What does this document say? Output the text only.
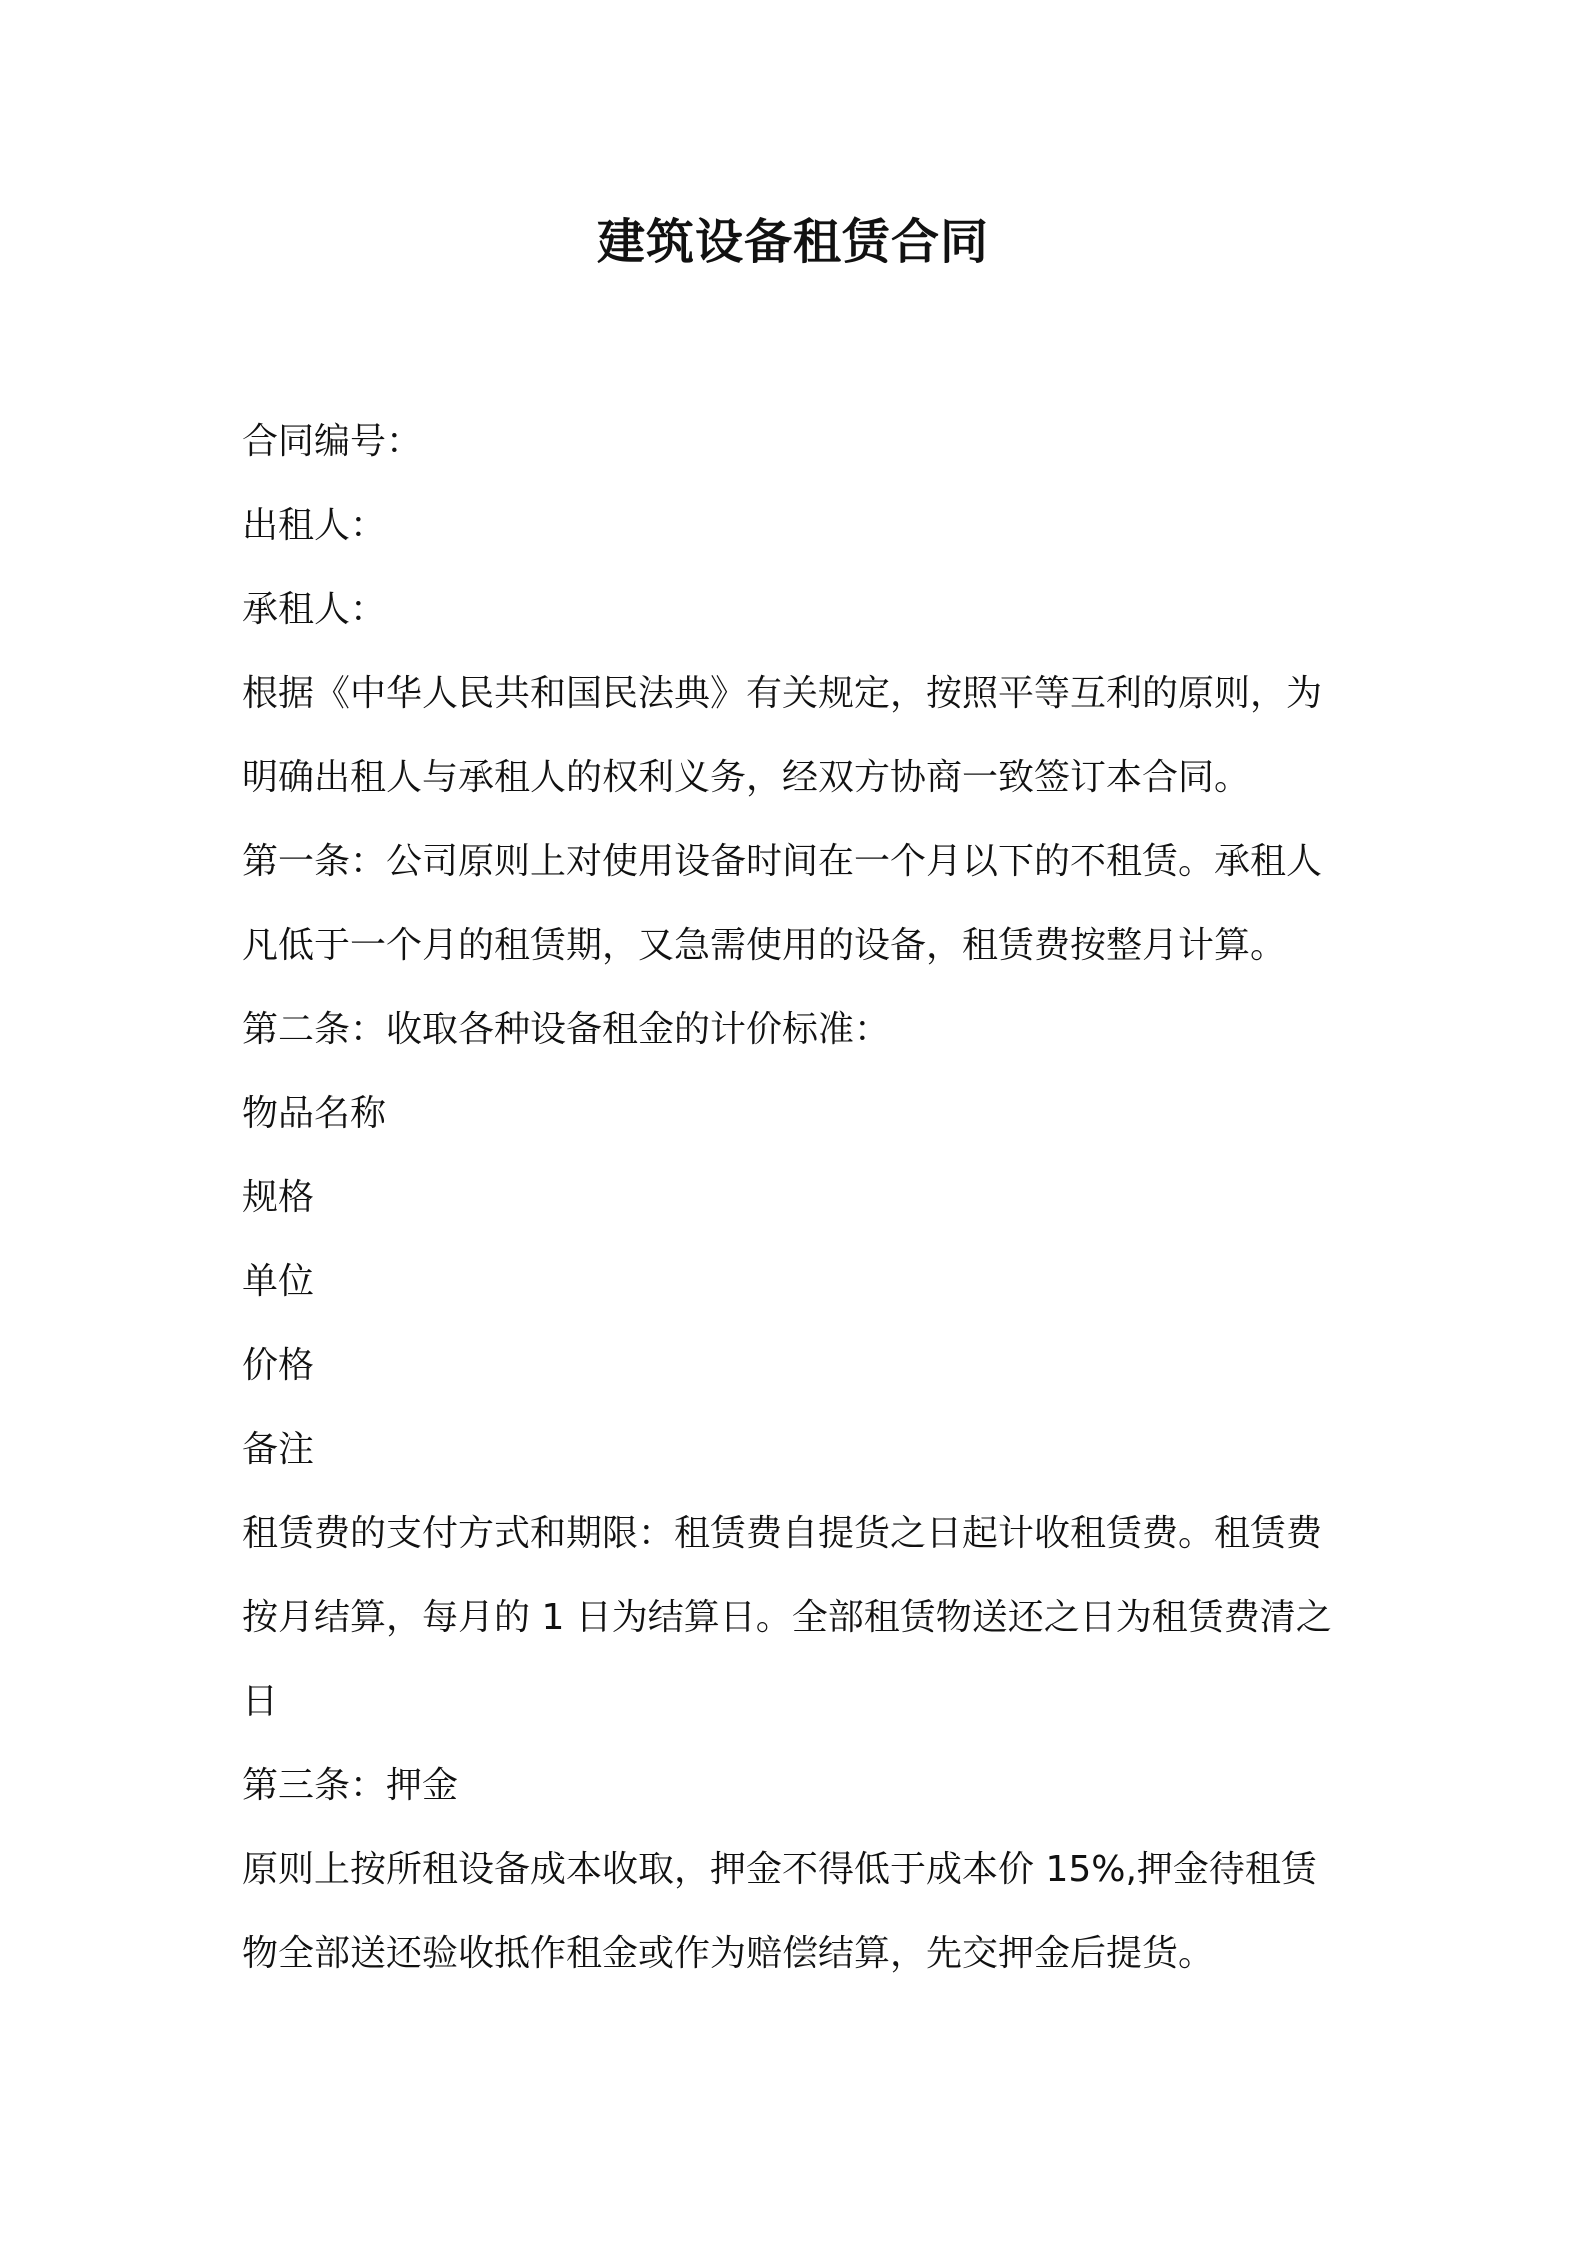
建筑设备租赁合同
合同编号：
出租人：
承租人：
根据《中华人民共和国民法典》有关规定，按照平等互利的原则，为
明确出租人与承租人的权利义务，经双方协商一致签订本合同。
第一条：公司原则上对使用设备时间在一个月以下的不租赁。承租人
凡低于一个月的租赁期，又急需使用的设备，租赁费按整月计算。
第二条：收取各种设备租金的计价标准：
物品名称
规格
单位
价格
备注
租赁费的支付方式和期限：租赁费自提货之日起计收租赁费。租赁费
按月结算，每月的 1 日为结算日。全部租赁物送还之日为租赁费清之
日
第三条：押金
原则上按所租设备成本收取，押金不得低于成本价 15%,押金待租赁
物全部送还验收抵作租金或作为赔偿结算，先交押金后提货。
